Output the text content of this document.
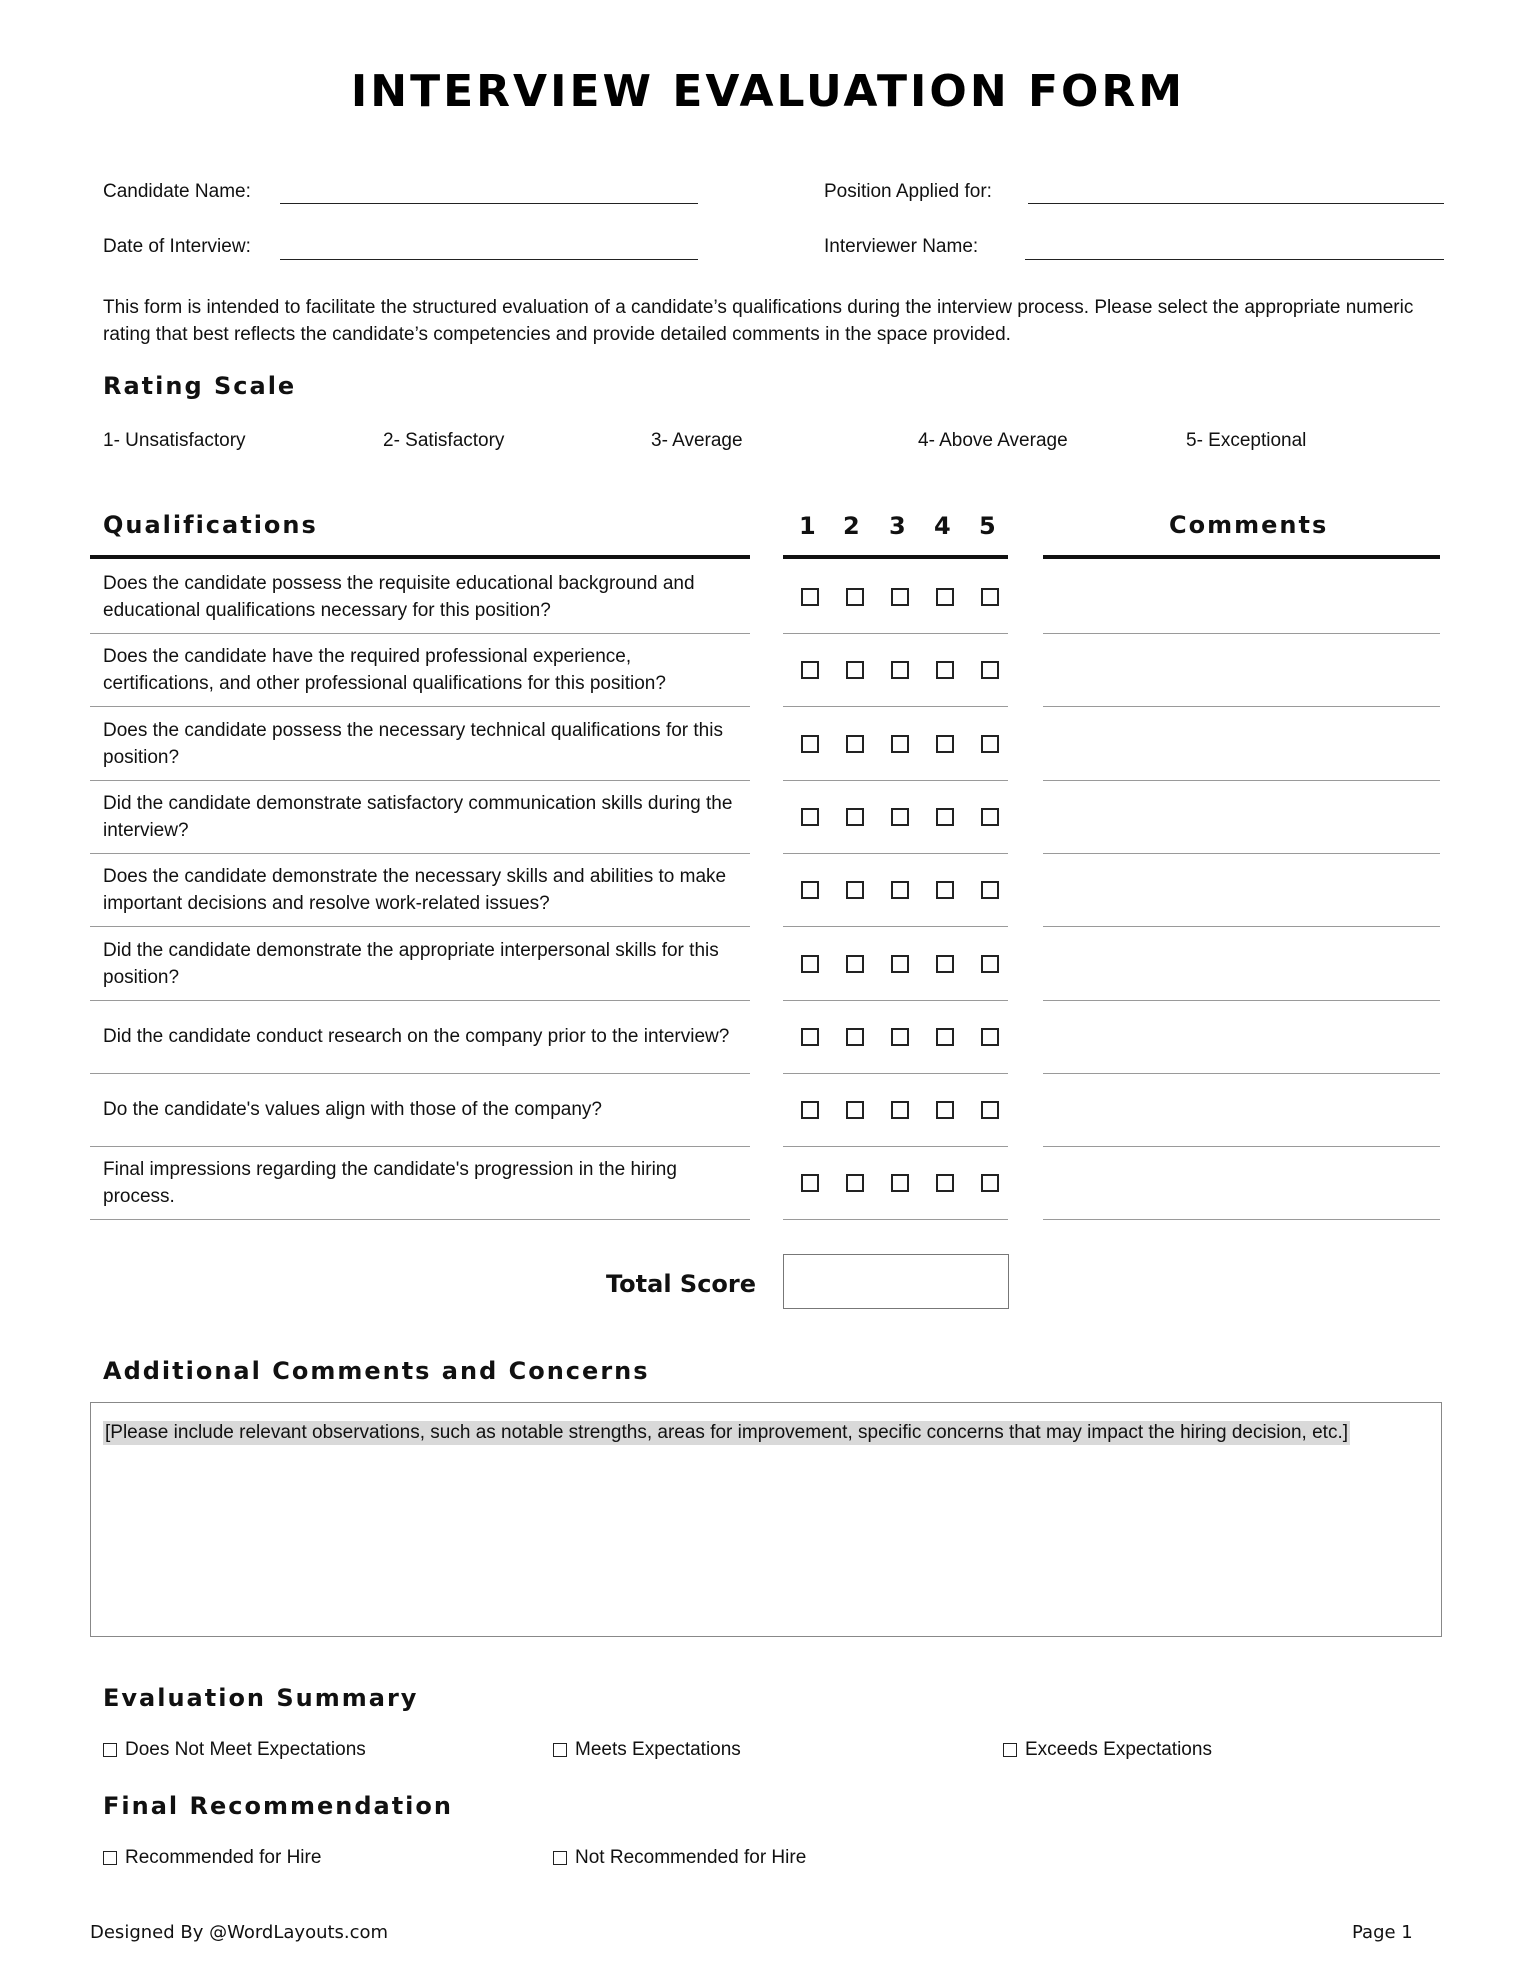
INTERVIEW EVALUATION FORM
Candidate Name:	Position Applied for:
Date of Interview:	Interviewer Name:
This form is intended to facilitate the structured evaluation of a candidate’s qualifications during the interview process. Please select the appropriate numeric rating that best reflects the candidate’s competencies and provide detailed comments in the space provided.
Rating Scale
1- Unsatisfactory	2- Satisfactory	3- Average	4- Above Average	5- Exceptional
Qualifications	1 2 3 4 5	Comments
Does the candidate possess the requisite educational background and educational qualifications necessary for this position?
Does the candidate have the required professional experience, certifications, and other professional qualifications for this position?
Does the candidate possess the necessary technical qualifications for this position?
Did the candidate demonstrate satisfactory communication skills during the interview?
Does the candidate demonstrate the necessary skills and abilities to make important decisions and resolve work-related issues?
Did the candidate demonstrate the appropriate interpersonal skills for this position?
Did the candidate conduct research on the company prior to the interview?
Do the candidate's values align with those of the company?
Final impressions regarding the candidate's progression in the hiring process.
Total Score
Additional Comments and Concerns
[Please include relevant observations, such as notable strengths, areas for improvement, specific concerns that may impact the hiring decision, etc.]
Evaluation Summary
Does Not Meet Expectations	Meets Expectations	Exceeds Expectations
Final Recommendation
Recommended for Hire	Not Recommended for Hire
Designed By @WordLayouts.com	Page 1
